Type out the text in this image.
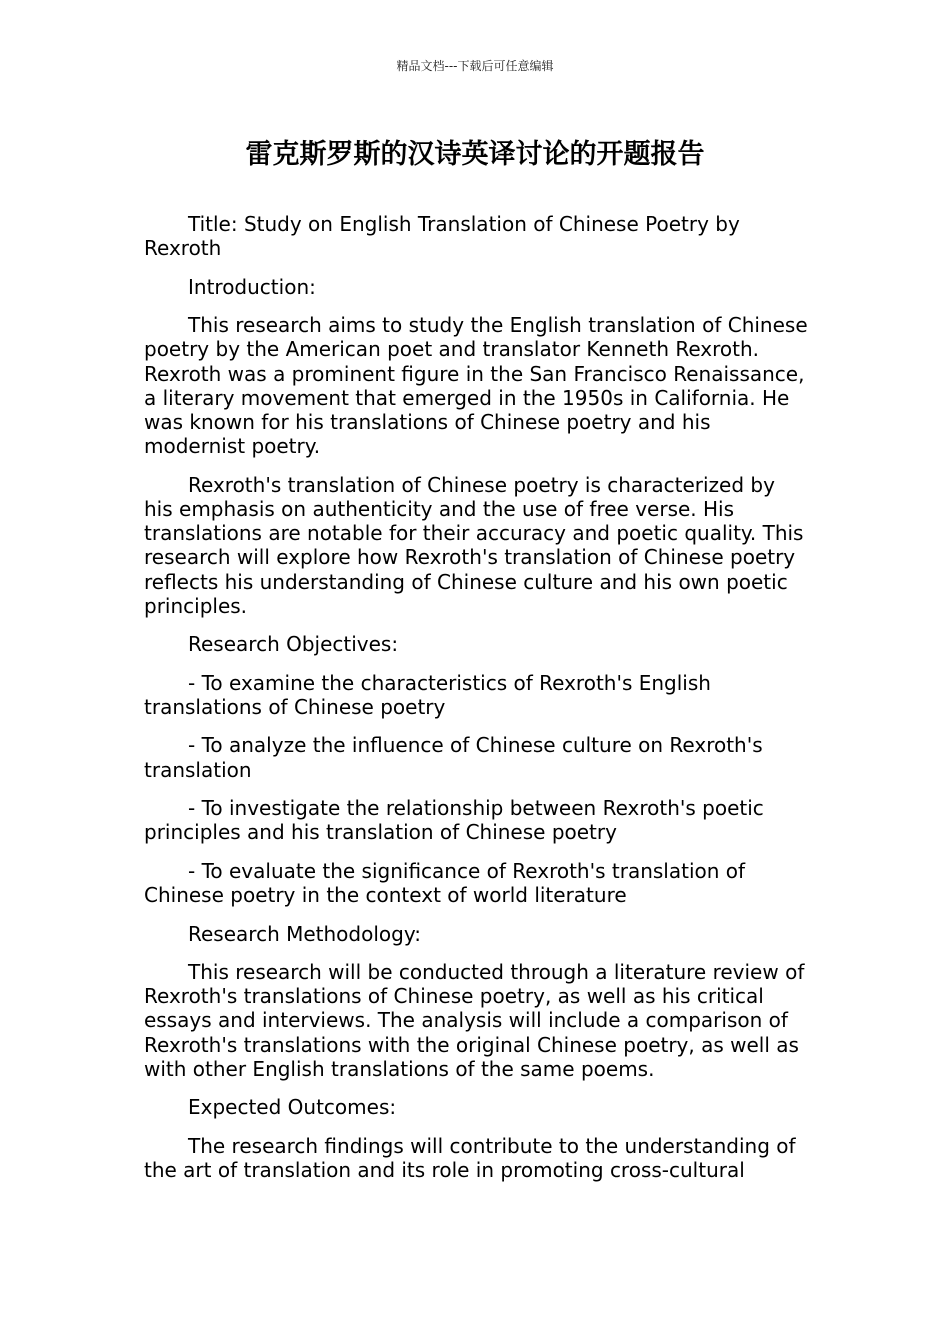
精品文档---下载后可任意编辑
雷克斯罗斯的汉诗英译讨论的开题报告

Title: Study on English Translation of Chinese Poetry by Rexroth

Introduction:

This research aims to study the English translation of Chinese poetry by the American poet and translator Kenneth Rexroth. Rexroth was a prominent figure in the San Francisco Renaissance, a literary movement that emerged in the 1950s in California. He was known for his translations of Chinese poetry and his modernist poetry.

Rexroth's translation of Chinese poetry is characterized by his emphasis on authenticity and the use of free verse. His translations are notable for their accuracy and poetic quality. This research will explore how Rexroth's translation of Chinese poetry reflects his understanding of Chinese culture and his own poetic principles.

Research Objectives:

- To examine the characteristics of Rexroth's English translations of Chinese poetry

- To analyze the influence of Chinese culture on Rexroth's translation

- To investigate the relationship between Rexroth's poetic principles and his translation of Chinese poetry

- To evaluate the significance of Rexroth's translation of Chinese poetry in the context of world literature

Research Methodology:

This research will be conducted through a literature review of Rexroth's translations of Chinese poetry, as well as his critical essays and interviews. The analysis will include a comparison of Rexroth's translations with the original Chinese poetry, as well as with other English translations of the same poems.

Expected Outcomes:

The research findings will contribute to the understanding of the art of translation and its role in promoting cross-cultural
